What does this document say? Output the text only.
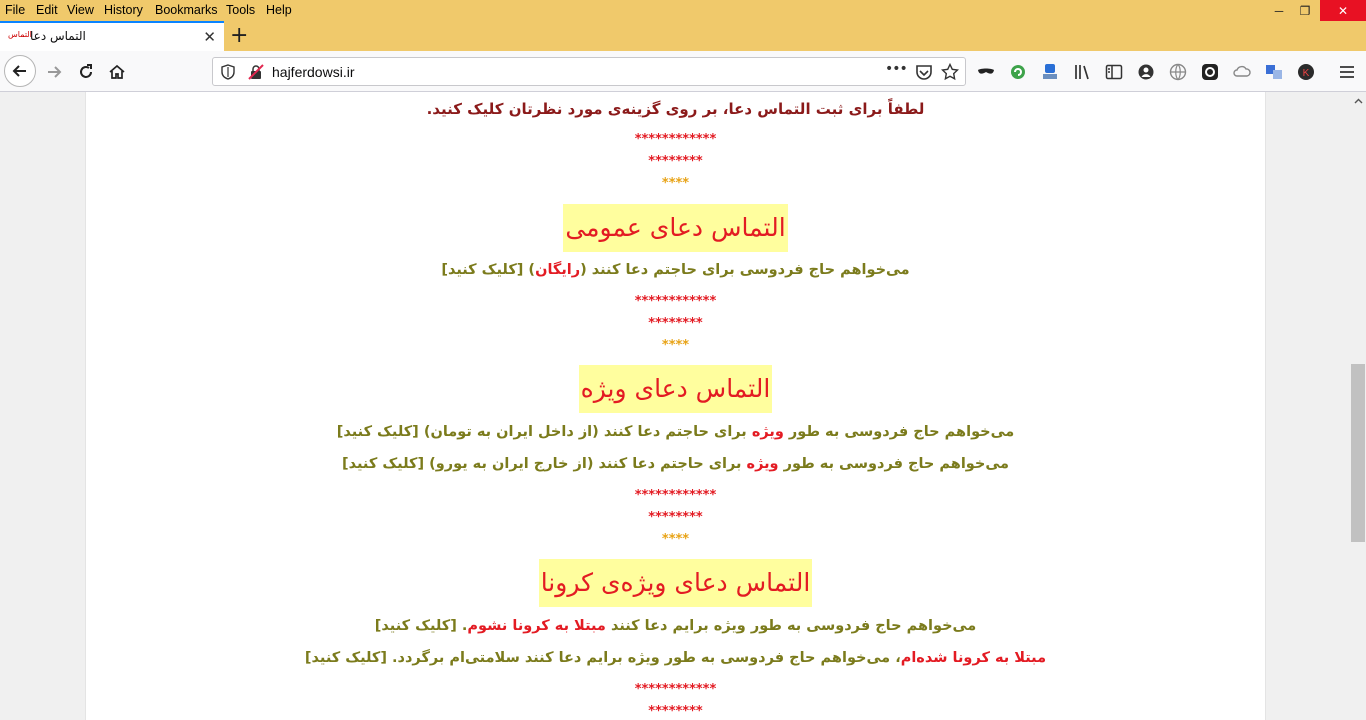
File Edit View History Bookmarks Tools Help	─	❐	✕
التماس
التماس دعا	✕ +
hajferdowsi.ir	•••	K
لطفاً برای ثبت التماس دعا، بر روی گزینه‌ی مورد نظرتان کلیک کنید.
************
********
****
التماس دعای عمومی
می‌خواهم حاج فردوسی برای حاجتم دعا کنند (رایگان) [کلیک کنید]
************
********
****
التماس دعای ویژه
می‌خواهم حاج فردوسی به طور ویژه برای حاجتم دعا کنند (از داخل ایران به تومان) [کلیک کنید]
می‌خواهم حاج فردوسی به طور ویژه برای حاجتم دعا کنند (از خارج ایران به یورو) [کلیک کنید]
************
********
****
التماس دعای ویژه‌ی کرونا
می‌خواهم حاج فردوسی به طور ویژه برایم دعا کنند مبتلا به کرونا نشوم. [کلیک کنید]
مبتلا به کرونا شده‌ام، می‌خواهم حاج فردوسی به طور ویژه برایم دعا کنند سلامتی‌ام برگردد. [کلیک کنید]
************
********
